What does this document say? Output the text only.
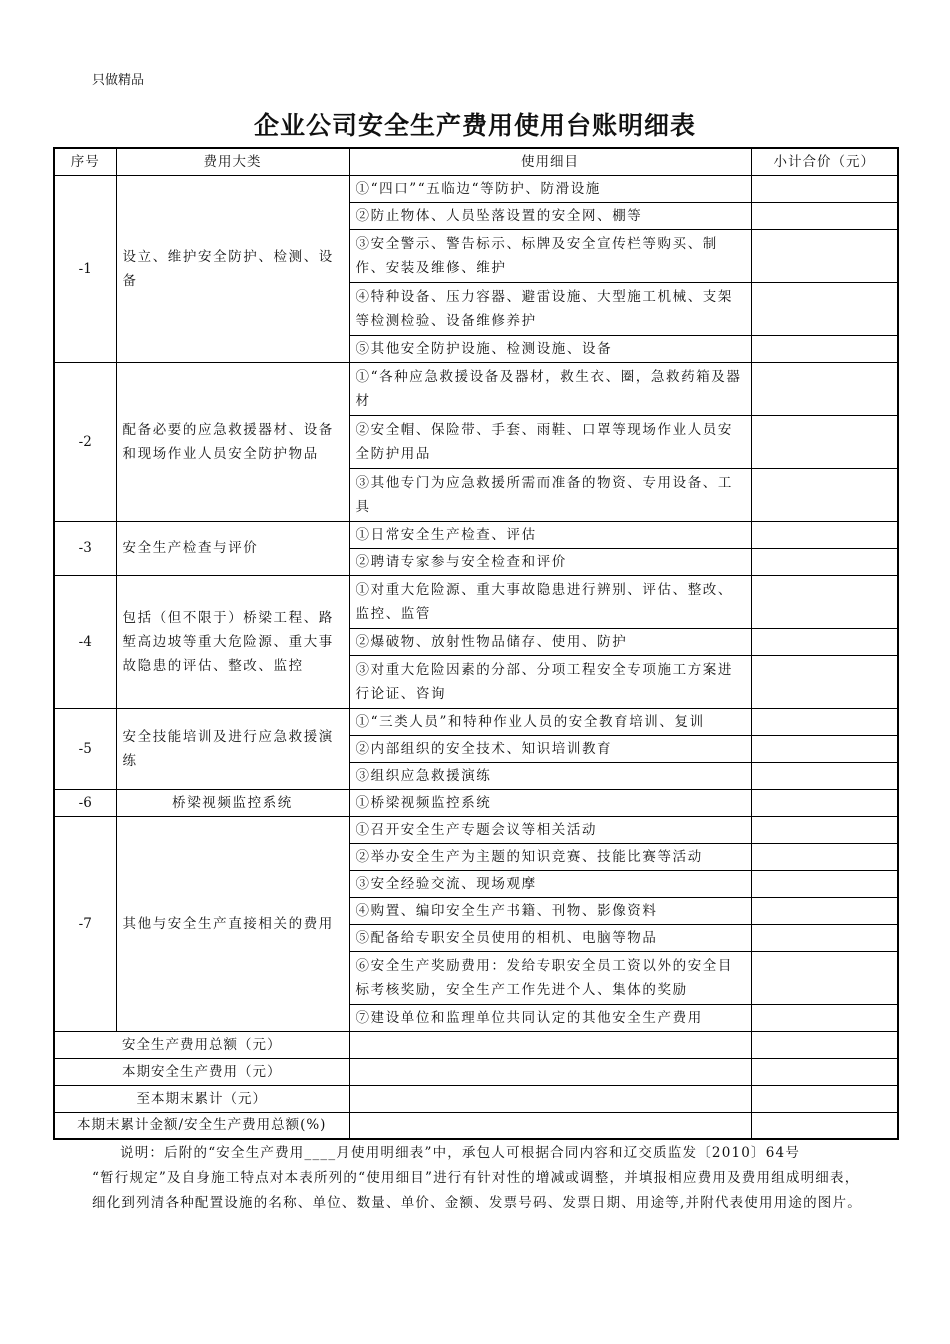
只做精品
企业公司安全生产费用使用台账明细表
序号	费用大类	使用细目	小计合价（元）
-1	设立、维护安全防护、检测、设备	①“四口”“五临边“等防护、防滑设施	
		②防止物体、人员坠落设置的安全网、棚等	
		③安全警示、警告标示、标牌及安全宣传栏等购买、制作、安装及维修、维护	
		④特种设备、压力容器、避雷设施、大型施工机械、支架等检测检验、设备维修养护	
		⑤其他安全防护设施、检测设施、设备	
-2	配备必要的应急救援器材、设备和现场作业人员安全防护物品	①“各种应急救援设备及器材，救生衣、圈，急救药箱及器材	
		②安全帽、保险带、手套、雨鞋、口罩等现场作业人员安全防护用品	
		③其他专门为应急救援所需而准备的物资、专用设备、工具	
-3	安全生产检查与评价	①日常安全生产检查、评估	
		②聘请专家参与安全检查和评价	
-4	包括（但不限于）桥梁工程、路堑高边坡等重大危险源、重大事故隐患的评估、整改、监控	①对重大危险源、重大事故隐患进行辨别、评估、整改、监控、监管	
		②爆破物、放射性物品储存、使用、防护	
		③对重大危险因素的分部、分项工程安全专项施工方案进行论证、咨询	
-5	安全技能培训及进行应急救援演练	①“三类人员”和特种作业人员的安全教育培训、复训	
		②内部组织的安全技术、知识培训教育	
		③组织应急救援演练	
-6	桥梁视频监控系统	①桥梁视频监控系统	
-7	其他与安全生产直接相关的费用	①召开安全生产专题会议等相关活动	
		②举办安全生产为主题的知识竞赛、技能比赛等活动	
		③安全经验交流、现场观摩	
		④购置、编印安全生产书籍、刊物、影像资料	
		⑤配备给专职安全员使用的相机、电脑等物品	
		⑥安全生产奖励费用：发给专职安全员工资以外的安全目标考核奖励，安全生产工作先进个人、集体的奖励	
		⑦建设单位和监理单位共同认定的其他安全生产费用	
安全生产费用总额（元）			
本期安全生产费用（元）			
至本期末累计（元）			
本期末累计金额/安全生产费用总额(%)			
说明：后附的“安全生产费用____月使用明细表”中，承包人可根据合同内容和辽交质监发〔2010〕64号
“暂行规定”及自身施工特点对本表所列的“使用细目”进行有针对性的增减或调整，并填报相应费用及费用组成明细表，细化到列清各种配置设施的名称、单位、数量、单价、金额、发票号码、发票日期、用途等,并附代表使用用途的图片。
